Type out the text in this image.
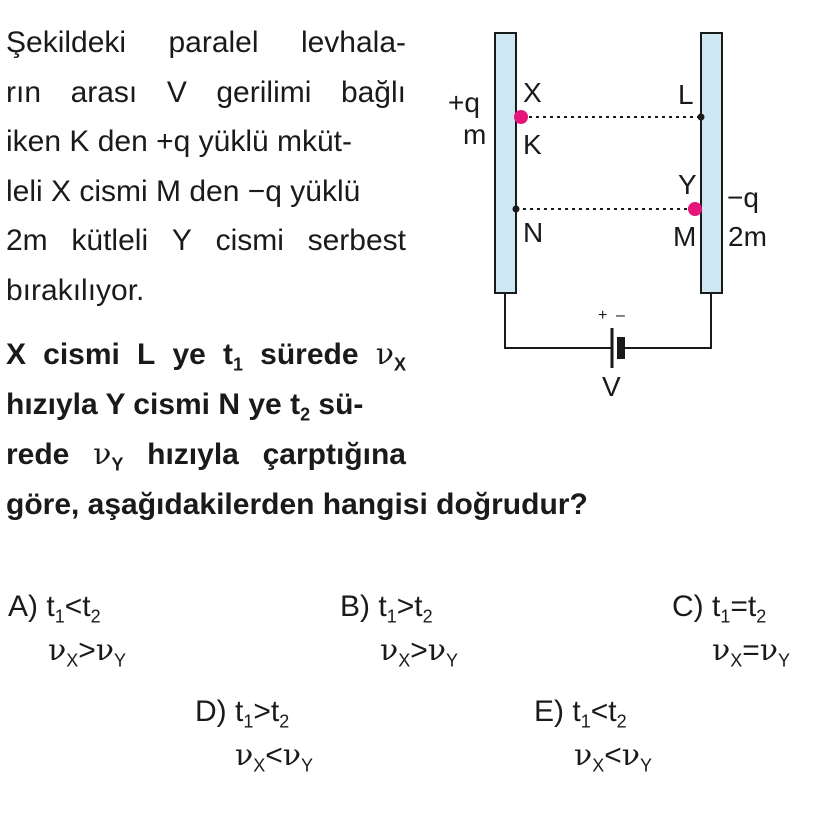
Şekildeki paralel levhala-
rın arası V gerilimi bağlı
iken K den +q yüklü mküt-
leli X cismi M den −q yüklü
2m kütleli Y cismi serbest
bırakılıyor.
X cismi L ye $t_1$ sürede $\nu_X$
hızıyla Y cismi N ye $t_2$ sü-
rede $\nu_Y$ hızıyla çarptığına
göre, aşağıdakilerden hangisi doğrudur?
+q
m
X
K
L
Y
N	M
−q
2m
+ –
V
A) $t_1<t_2$
$\nu_X>\nu_Y$
B) $t_1>t_2$
$\nu_X>\nu_Y$
C) $t_1=t_2$
$\nu_X=\nu_Y$
D) $t_1>t_2$
$\nu_X<\nu_Y$
E) $t_1<t_2$
$\nu_X<\nu_Y$
